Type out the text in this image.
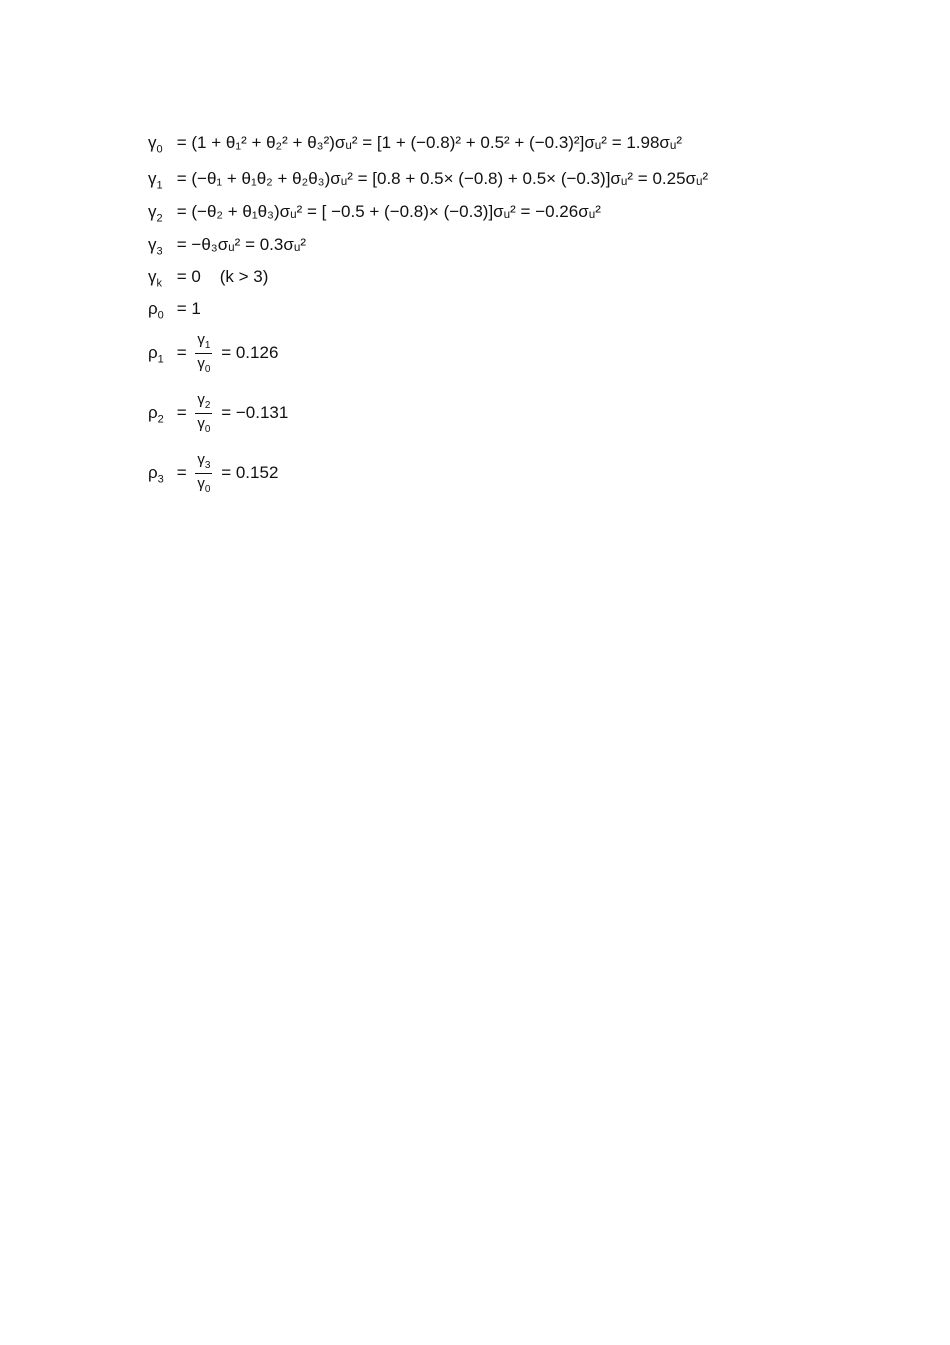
$\gamma_0 = (1 + \theta_1^2 + \theta_2^2$ + θ₃²)σᵤ² = [1 + (−0.8)² + 0.5² + (−0.3)²]σᵤ² = 1.98σᵤ²
$\gamma_1 = (-\theta_1 + \theta_1\theta_2$ + θ₂θ₃)σᵤ² = [0.8 + 0.5× (−0.8) + 0.5× (−0.3)]σᵤ² = 0.25σᵤ²
$\gamma_2 = (-\theta_2$ + θ₁θ₃)σᵤ² = [ −0.5 + (−0.8)× (−0.3)]σᵤ² = −0.26σᵤ²
$\gamma_3$ = −θ₃σᵤ² = 0.3σᵤ²
$\gamma_k = 0$    (k > 3)
$\rho_0 = 1$
$\rho_1 = \frac{\gamma_1}{\gamma_0} = 0.126$
$\rho_2 = \frac{\gamma_2}{\gamma_0} = -0.131$
$\rho_3 = \frac{\gamma_3}{\gamma_0} = 0.152$
